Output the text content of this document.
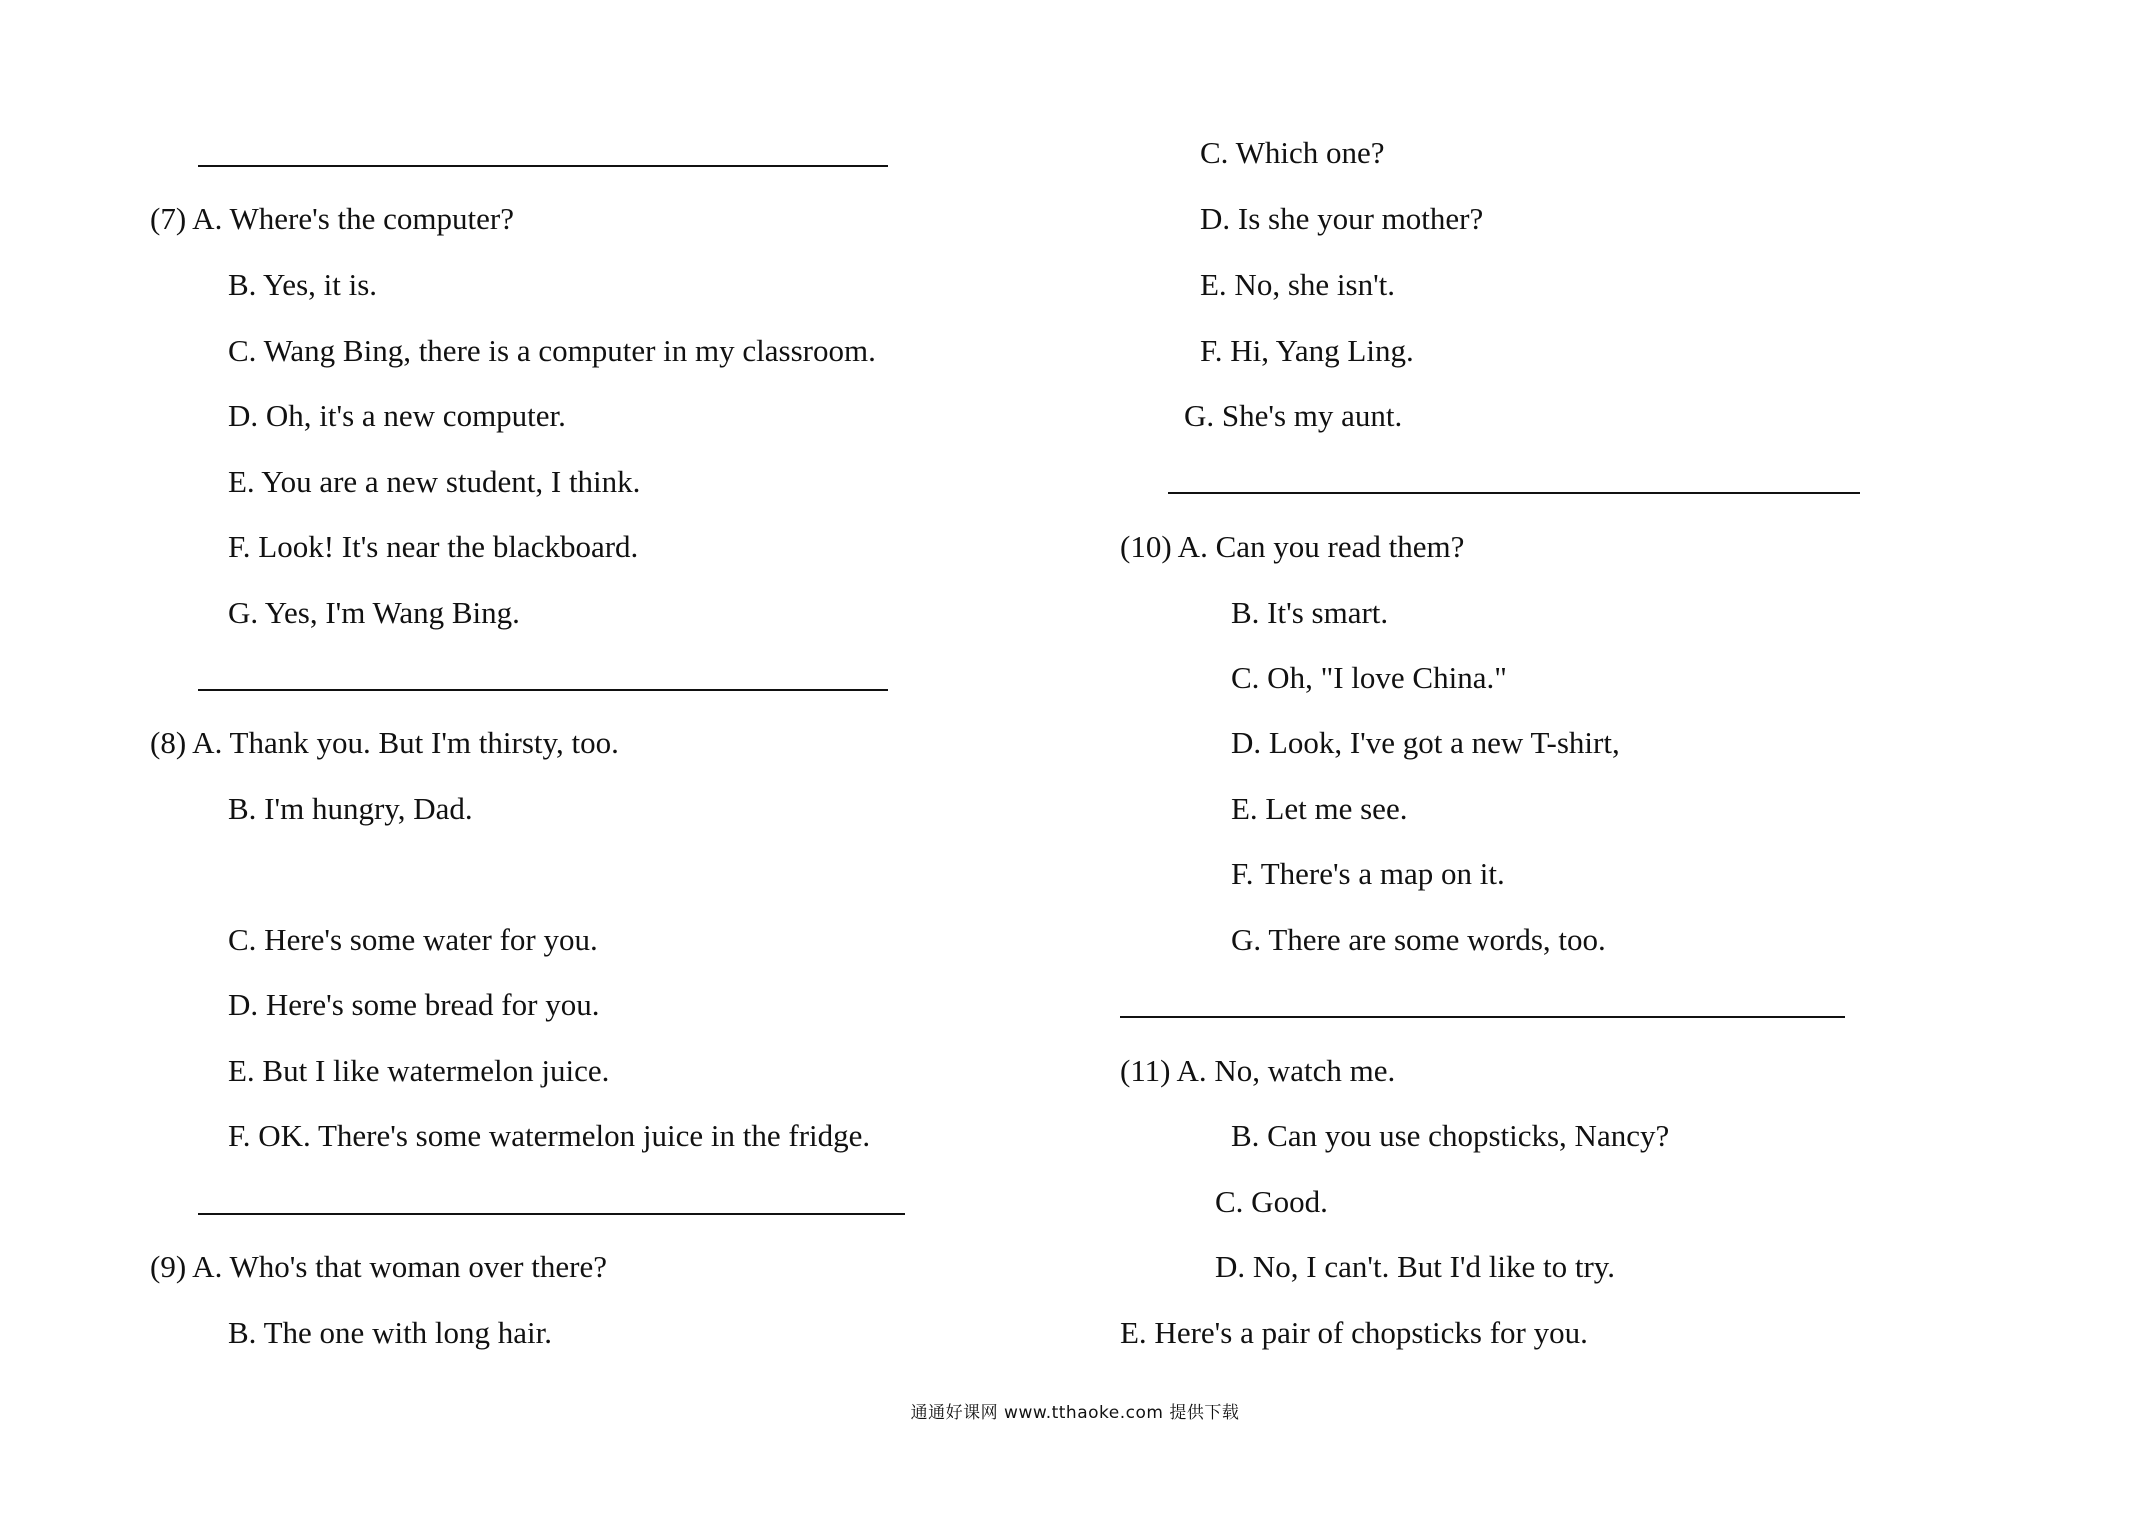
(7) A. Where's the computer?
B. Yes, it is.
C. Wang Bing, there is a computer in my classroom.
D. Oh, it's a new computer.
E. You are a new student, I think.
F. Look! It's near the blackboard.
G. Yes, I'm Wang Bing.
(8) A. Thank you. But I'm thirsty, too.
B. I'm hungry, Dad.
C. Here's some water for you.
D. Here's some bread for you.
E. But I like watermelon juice.
F. OK. There's some watermelon juice in the fridge.
(9) A. Who's that woman over there?
B. The one with long hair.
C. Which one?
D. Is she your mother?
E. No, she isn't.
F. Hi, Yang Ling.
G. She's my aunt.
(10) A. Can you read them?
B. It's smart.
C. Oh, "I love China."
D. Look, I've got a new T-shirt,
E. Let me see.
F. There's a map on it.
G. There are some words, too.
(11) A. No, watch me.
B. Can you use chopsticks, Nancy?
C. Good.
D. No, I can't. But I'd like to try.
E. Here's a pair of chopsticks for you.
通通好课网 www.tthaoke.com 提供下载
